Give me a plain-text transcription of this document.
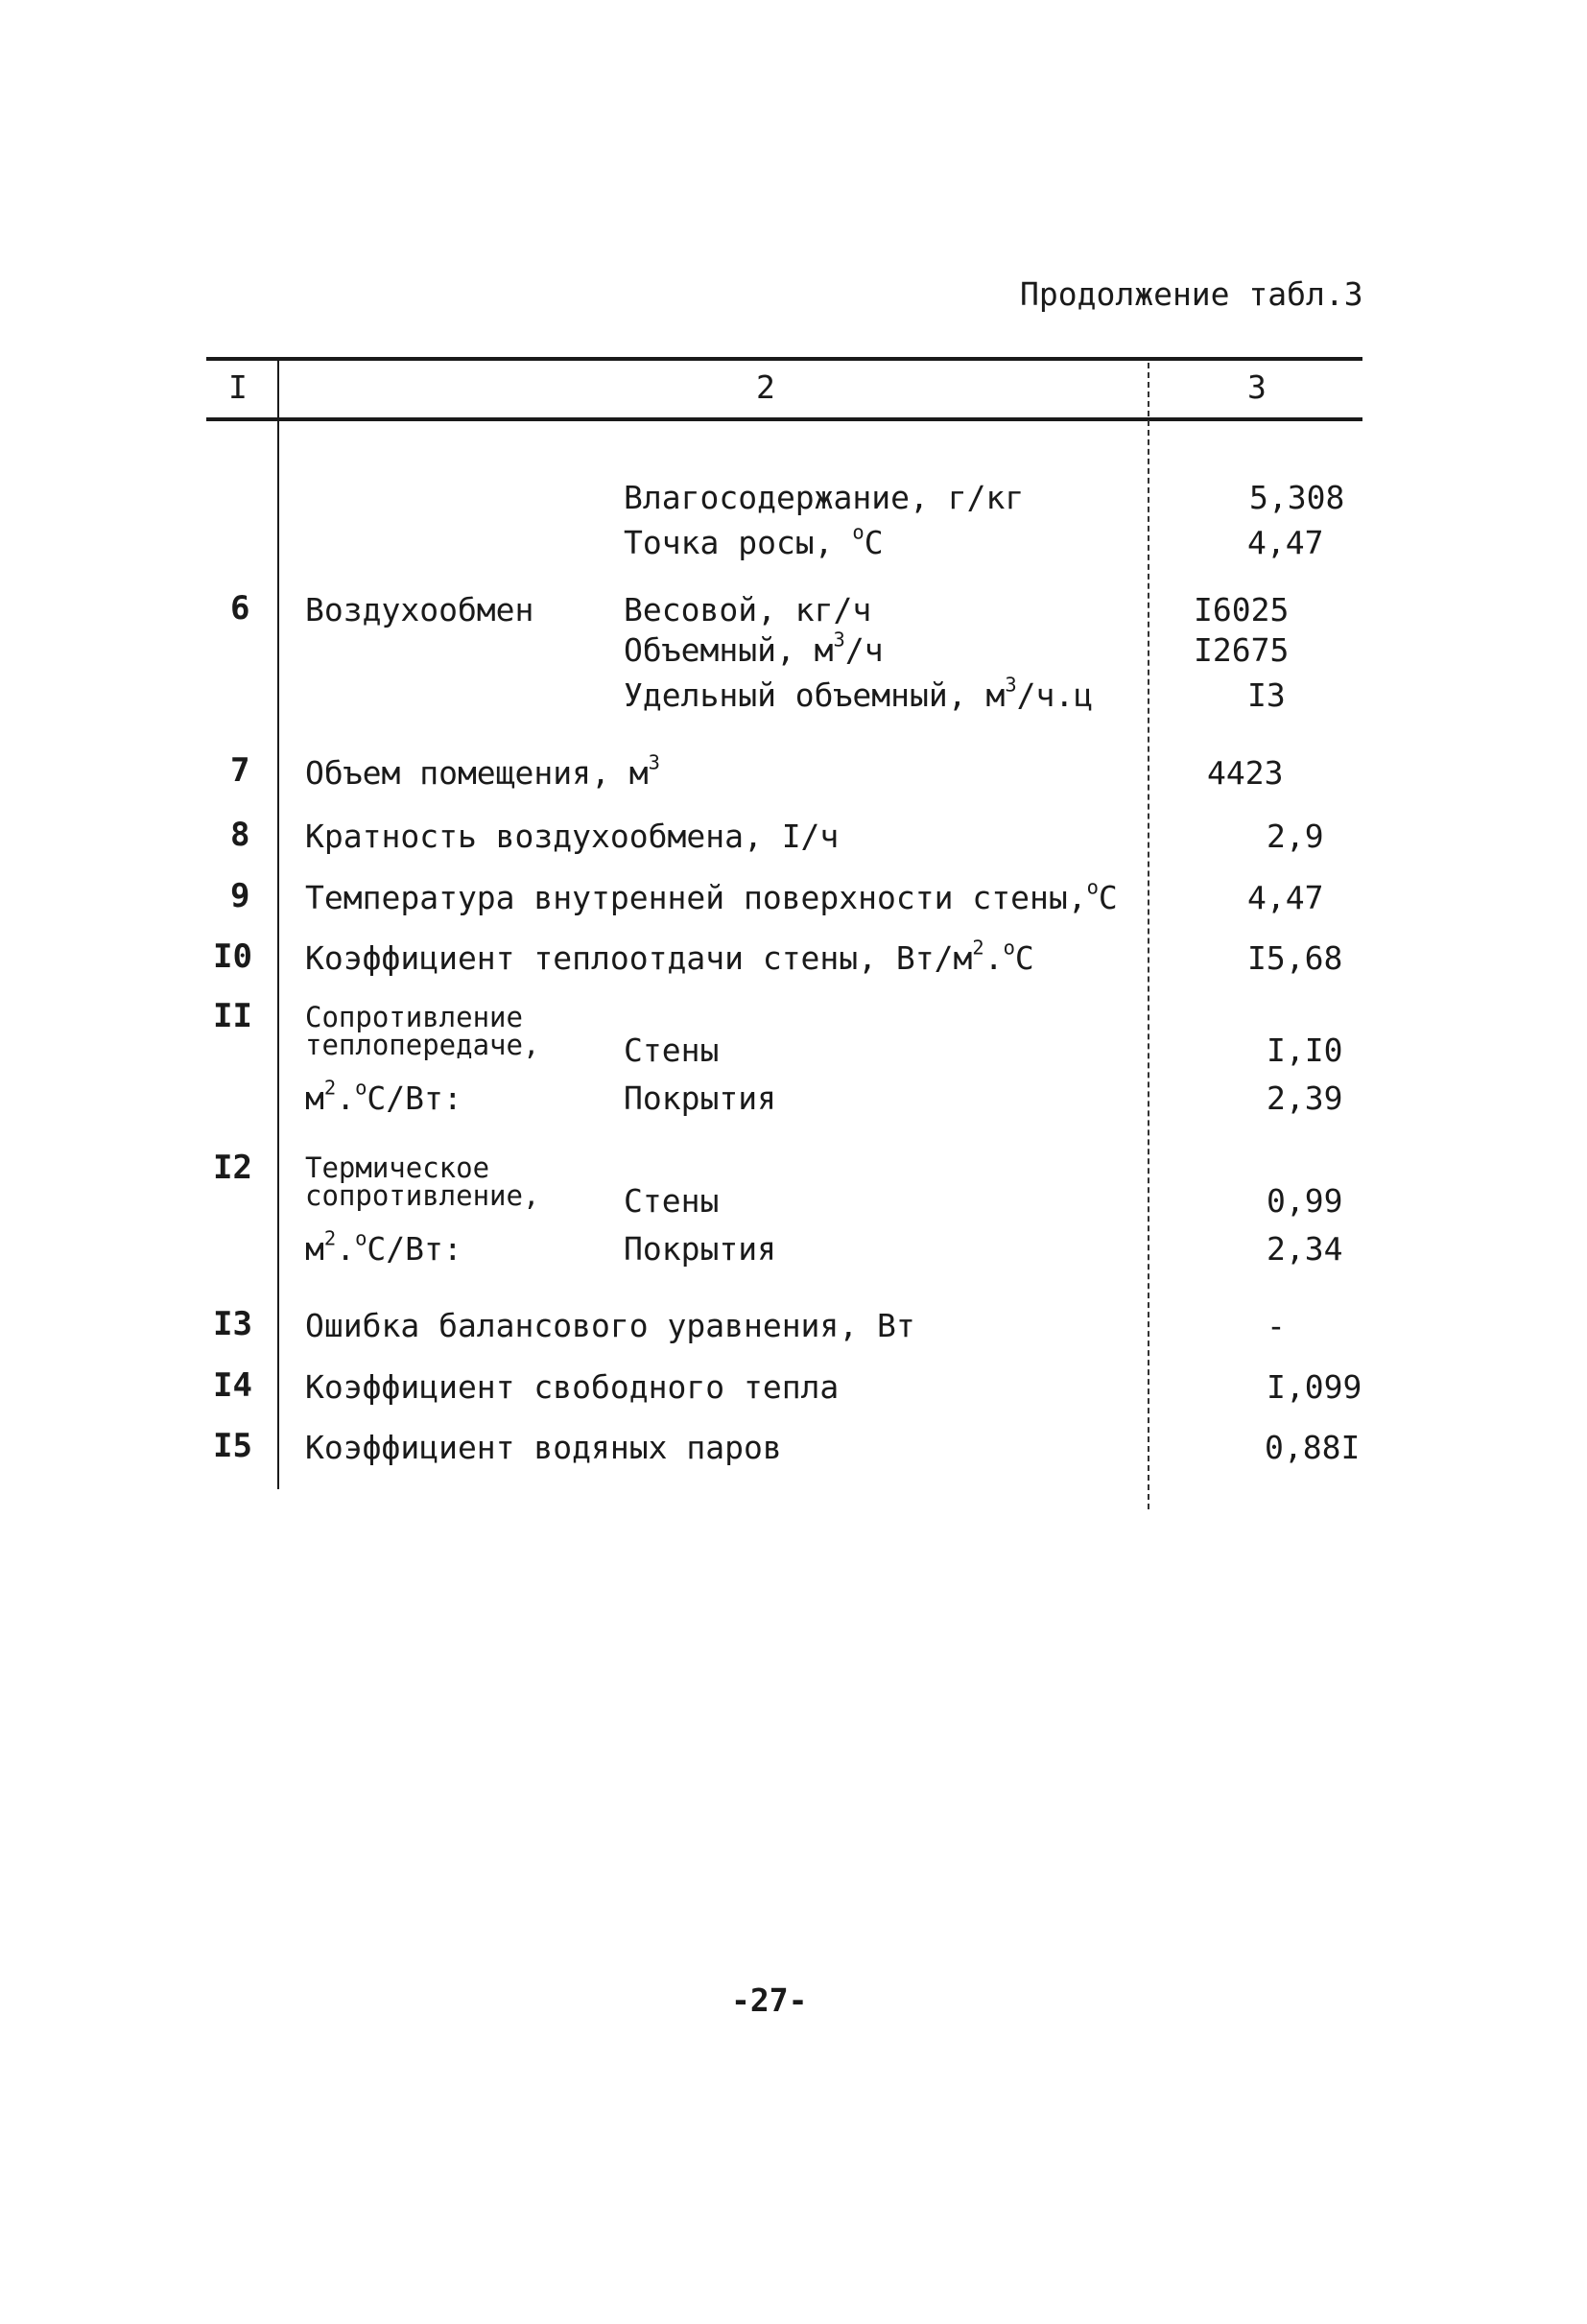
Продолжение табл.3
I	2	3
Влагосодержание, г/кг	5,308
Точка росы, $^o$С	4,47
6 Воздухообмен	Весовой, кг/ч	I6025
Объемный, $м^3/ч$	I2675
Удельный объемный, $м^3/ч.ц$	I3
7 Объем помещения, $м^3$	4423
8 Кратность воздухообмена, I/ч	2,9
9 Температура внутренней поверхности стены,$^o$С	4,47
I0 Коэффициент теплоотдачи стены, $Вт/м^2.^oС$	I5,68
II Сопротивление
теплопередаче,
$м^2.^oС/Вт$:
Стены	I,I0
Покрытия	2,39
I2 Термическое
сопротивление,
$м^2.^oС/Вт$:
Стены	0,99
Покрытия	2,34
I3 Ошибка балансового уравнения, Вт	-
I4 Коэффициент свободного тепла	I,099
I5 Коэффициент водяных паров	0,88I
-27-
